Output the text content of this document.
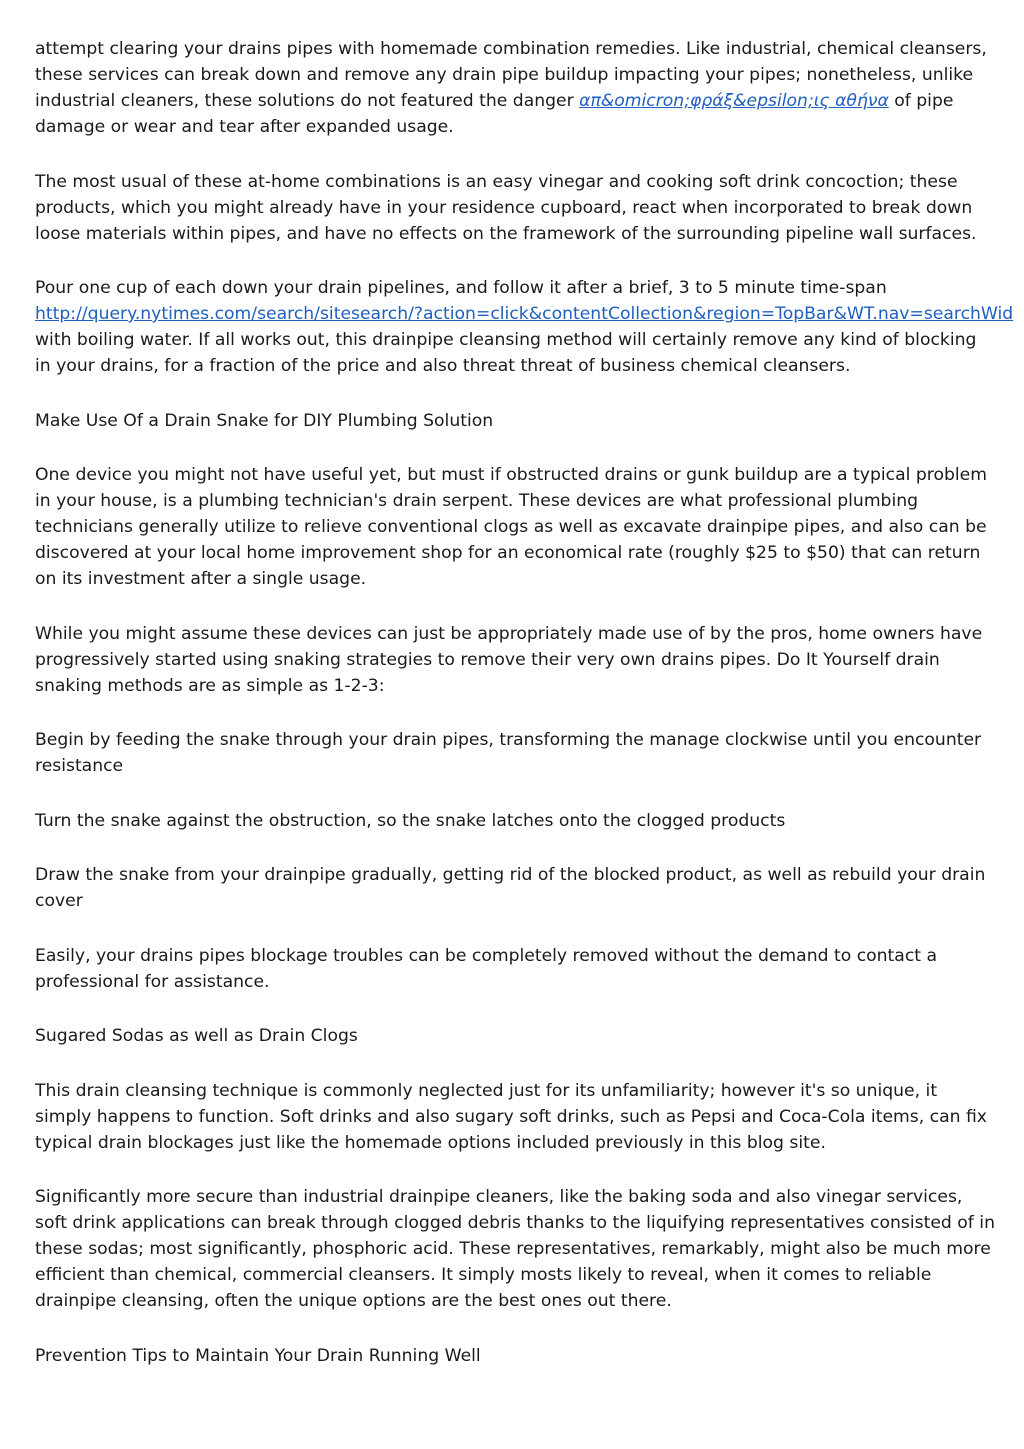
attempt clearing your drains pipes with homemade combination remedies. Like industrial, chemical cleansers, these services can break down and remove any drain pipe buildup impacting your pipes; nonetheless, unlike industrial cleaners, these solutions do not featured the danger απ&omicron;φράξ&epsilon;ις αθήνα of pipe damage or wear and tear after expanded usage.

The most usual of these at-home combinations is an easy vinegar and cooking soft drink concoction; these products, which you might already have in your residence cupboard, react when incorporated to break down loose materials within pipes, and have no effects on the framework of the surrounding pipeline wall surfaces.

Pour one cup of each down your drain pipelines, and follow it after a brief, 3 to 5 minute time-span
http://query.nytimes.com/search/sitesearch/?action=click&contentCollection&region=TopBar&WT.nav=searchWid
with boiling water. If all works out, this drainpipe cleansing method will certainly remove any kind of blocking in your drains, for a fraction of the price and also threat threat of business chemical cleansers.

Make Use Of a Drain Snake for DIY Plumbing Solution

One device you might not have useful yet, but must if obstructed drains or gunk buildup are a typical problem in your house, is a plumbing technician's drain serpent. These devices are what professional plumbing technicians generally utilize to relieve conventional clogs as well as excavate drainpipe pipes, and also can be discovered at your local home improvement shop for an economical rate (roughly $25 to $50) that can return on its investment after a single usage.

While you might assume these devices can just be appropriately made use of by the pros, home owners have progressively started using snaking strategies to remove their very own drains pipes. Do It Yourself drain snaking methods are as simple as 1-2-3:

Begin by feeding the snake through your drain pipes, transforming the manage clockwise until you encounter resistance

Turn the snake against the obstruction, so the snake latches onto the clogged products

Draw the snake from your drainpipe gradually, getting rid of the blocked product, as well as rebuild your drain cover

Easily, your drains pipes blockage troubles can be completely removed without the demand to contact a professional for assistance.

Sugared Sodas as well as Drain Clogs

This drain cleansing technique is commonly neglected just for its unfamiliarity; however it's so unique, it simply happens to function. Soft drinks and also sugary soft drinks, such as Pepsi and Coca-Cola items, can fix typical drain blockages just like the homemade options included previously in this blog site.

Significantly more secure than industrial drainpipe cleaners, like the baking soda and also vinegar services, soft drink applications can break through clogged debris thanks to the liquifying representatives consisted of in these sodas; most significantly, phosphoric acid. These representatives, remarkably, might also be much more efficient than chemical, commercial cleansers. It simply mosts likely to reveal, when it comes to reliable drainpipe cleansing, often the unique options are the best ones out there.

Prevention Tips to Maintain Your Drain Running Well
